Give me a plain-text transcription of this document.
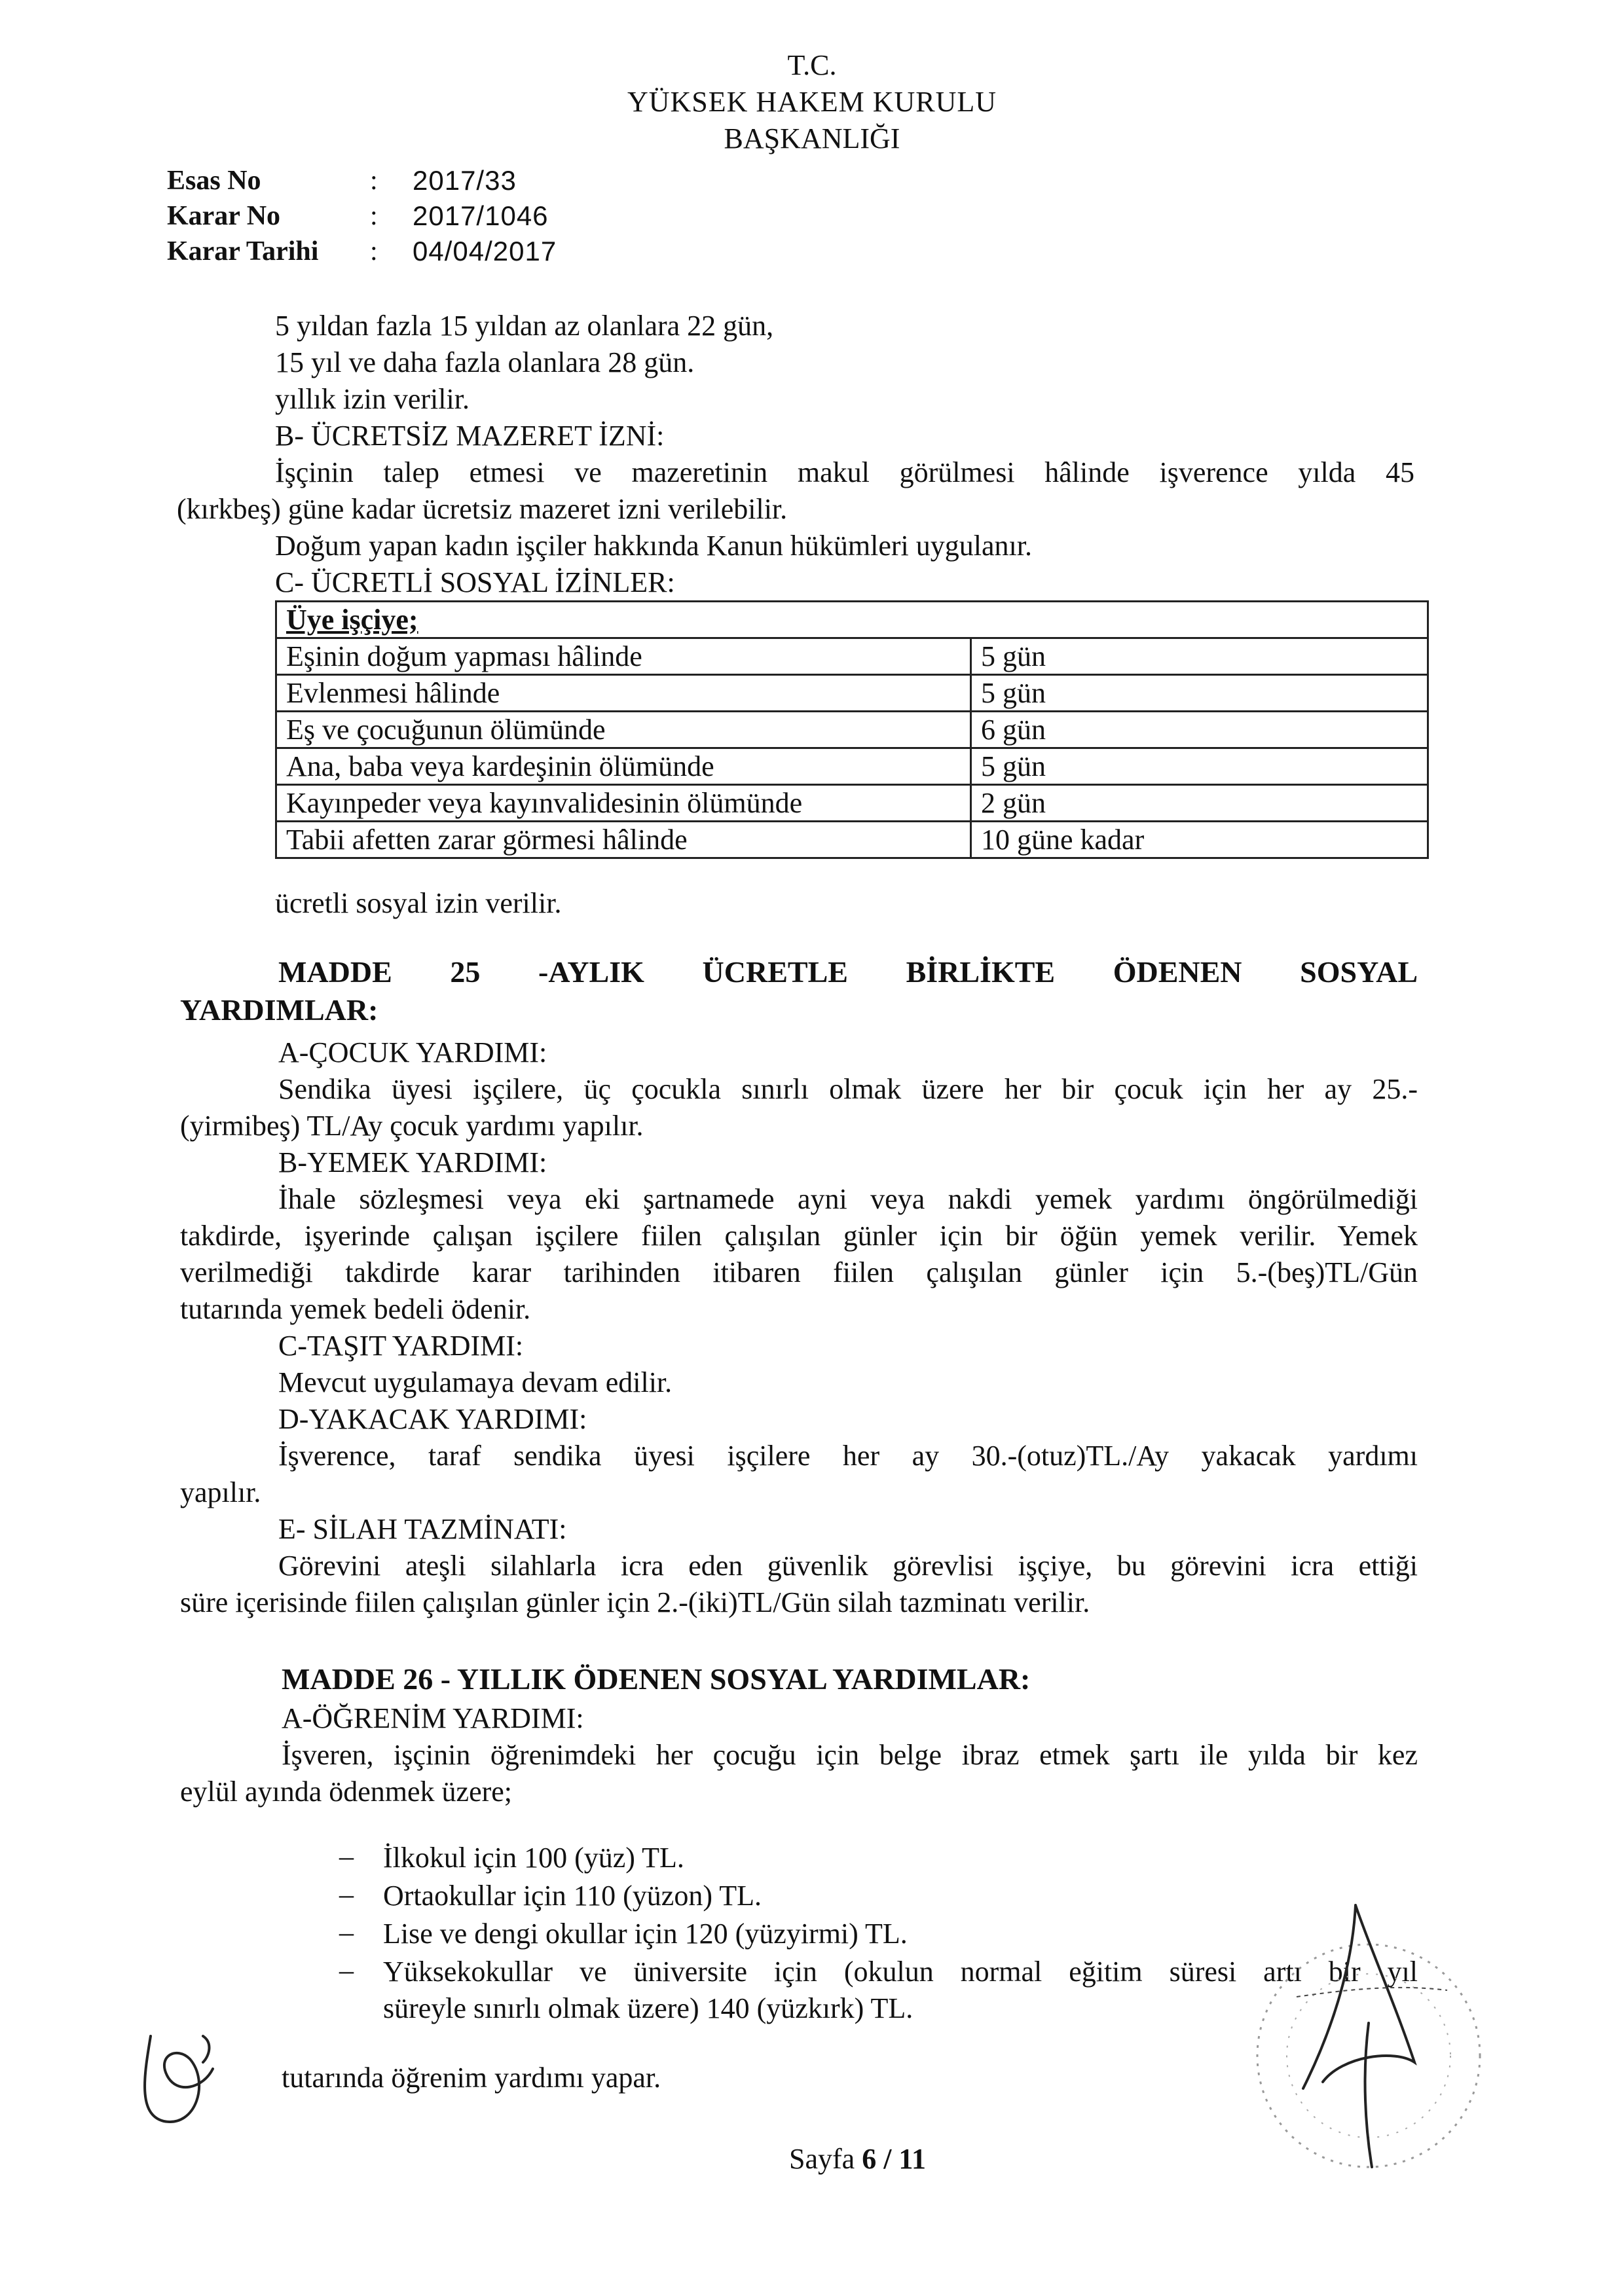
T.C.
YÜKSEK HAKEM KURULU
BAŞKANLIĞI
Esas No	: 2017/33
Karar No	: 2017/1046
Karar Tarihi : 04/04/2017
5 yıldan fazla 15 yıldan az olanlara 22 gün,
15 yıl ve daha fazla olanlara 28 gün.
yıllık izin verilir.
B- ÜCRETSİZ MAZERET İZNİ:
İşçinin talep etmesi ve mazeretinin makul görülmesi hâlinde işverence yılda 45
(kırkbeş) güne kadar ücretsiz mazeret izni verilebilir.
Doğum yapan kadın işçiler hakkında Kanun hükümleri uygulanır.
C- ÜCRETLİ SOSYAL İZİNLER:
Üye işçiye;	
Eşinin doğum yapması hâlinde	5 gün
Evlenmesi hâlinde	5 gün
Eş ve çocuğunun ölümünde	6 gün
Ana, baba veya kardeşinin ölümünde	5 gün
Kayınpeder veya kayınvalidesinin ölümünde	2 gün
Tabii afetten zarar görmesi hâlinde	10 güne kadar
ücretli sosyal izin verilir.
MADDE 25 -AYLIK ÜCRETLE BİRLİKTE ÖDENEN SOSYAL
YARDIMLAR:
A-ÇOCUK YARDIMI:
Sendika üyesi işçilere, üç çocukla sınırlı olmak üzere her bir çocuk için her ay 25.-
(yirmibeş) TL/Ay çocuk yardımı yapılır.
B-YEMEK YARDIMI:
İhale sözleşmesi veya eki şartnamede ayni veya nakdi yemek yardımı öngörülmediği
takdirde, işyerinde çalışan işçilere fiilen çalışılan günler için bir öğün yemek verilir. Yemek
verilmediği takdirde karar tarihinden itibaren fiilen çalışılan günler için 5.-(beş)TL/Gün
tutarında yemek bedeli ödenir.
C-TAŞIT YARDIMI:
Mevcut uygulamaya devam edilir.
D-YAKACAK YARDIMI:
İşverence, taraf sendika üyesi işçilere her ay 30.-(otuz)TL./Ay yakacak yardımı
yapılır.
E- SİLAH TAZMİNATI:
Görevini ateşli silahlarla icra eden güvenlik görevlisi işçiye, bu görevini icra ettiği
süre içerisinde fiilen çalışılan günler için 2.-(iki)TL/Gün silah tazminatı verilir.
MADDE 26 - YILLIK ÖDENEN SOSYAL YARDIMLAR:
A-ÖĞRENİM YARDIMI:
İşveren, işçinin öğrenimdeki her çocuğu için belge ibraz etmek şartı ile yılda bir kez
eylül ayında ödenmek üzere;
– İlkokul için 100 (yüz) TL.
– Ortaokullar için 110 (yüzon) TL.
– Lise ve dengi okullar için 120 (yüzyirmi) TL.
– Yüksekokullar ve üniversite için (okulun normal eğitim süresi artı bir yıl
süreyle sınırlı olmak üzere) 140 (yüzkırk) TL.
tutarında öğrenim yardımı yapar.
Sayfa 6 / 11
